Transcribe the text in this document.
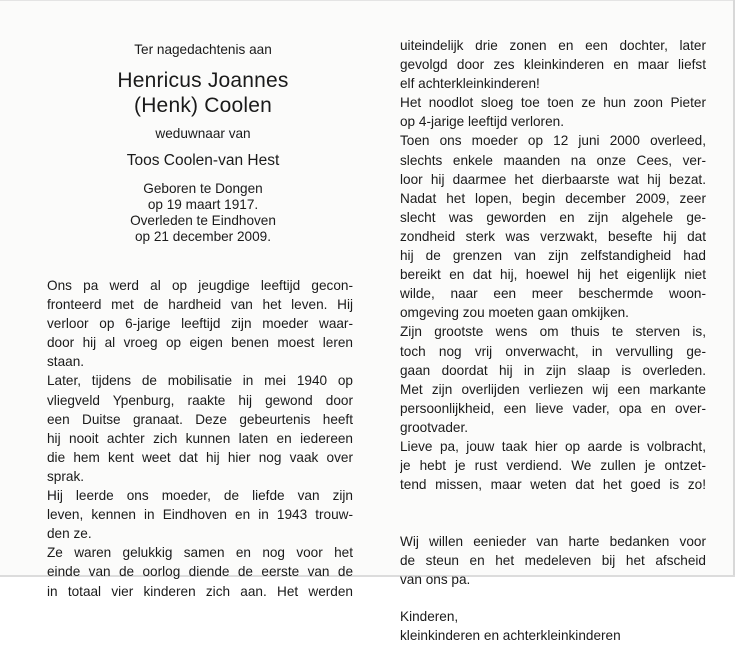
Ter nagedachtenis aan
Henricus Joannes
(Henk) Coolen
weduwnaar van
Toos Coolen-van Hest
Geboren te Dongen
op 19 maart 1917.
Overleden te Eindhoven
op 21 december 2009.
Ons pa werd al op jeugdige leeftijd gecon-
fronteerd met de hardheid van het leven. Hij
verloor op 6-jarige leeftijd zijn moeder waar-
door hij al vroeg op eigen benen moest leren
staan.
Later, tijdens de mobilisatie in mei 1940 op
vliegveld Ypenburg, raakte hij gewond door
een Duitse granaat. Deze gebeurtenis heeft
hij nooit achter zich kunnen laten en iedereen
die hem kent weet dat hij hier nog vaak over
sprak.
Hij leerde ons moeder, de liefde van zijn
leven, kennen in Eindhoven en in 1943 trouw-
den ze.
Ze waren gelukkig samen en nog voor het
einde van de oorlog diende de eerste van de
in totaal vier kinderen zich aan. Het werden
uiteindelijk drie zonen en een dochter, later
gevolgd door zes kleinkinderen en maar liefst
elf achterkleinkinderen!
Het noodlot sloeg toe toen ze hun zoon Pieter
op 4-jarige leeftijd verloren.
Toen ons moeder op 12 juni 2000 overleed,
slechts enkele maanden na onze Cees, ver-
loor hij daarmee het dierbaarste wat hij bezat.
Nadat het lopen, begin december 2009, zeer
slecht was geworden en zijn algehele ge-
zondheid sterk was verzwakt, besefte hij dat
hij de grenzen van zijn zelfstandigheid had
bereikt en dat hij, hoewel hij het eigenlijk niet
wilde, naar een meer beschermde woon-
omgeving zou moeten gaan omkijken.
Zijn grootste wens om thuis te sterven is,
toch nog vrij onverwacht, in vervulling ge-
gaan doordat hij in zijn slaap is overleden.
Met zijn overlijden verliezen wij een markante
persoonlijkheid, een lieve vader, opa en over-
grootvader.
Lieve pa, jouw taak hier op aarde is volbracht,
je hebt je rust verdiend. We zullen je ontzet-
tend missen, maar weten dat het goed is zo!
Wij willen eenieder van harte bedanken voor
de steun en het medeleven bij het afscheid
van ons pa.
Kinderen,
kleinkinderen en achterkleinkinderen
